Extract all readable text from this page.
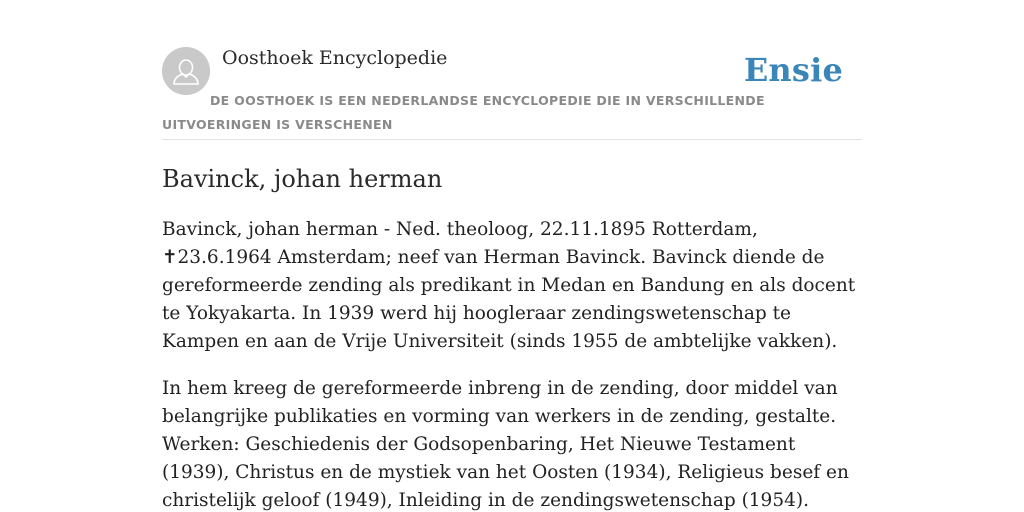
Oosthoek Encyclopedie	Ensie
DE OOSTHOEK IS EEN NEDERLANDSE ENCYCLOPEDIE DIE IN VERSCHILLENDE UITVOERINGEN IS VERSCHENEN
Bavinck, johan herman

Bavinck, johan herman - Ned. theoloog, 22.11.1895 Rotterdam, ✝23.6.1964 Amsterdam; neef van Herman Bavinck. Bavinck diende de gereformeerde zending als predikant in Medan en Bandung en als docent te Yokyakarta. In 1939 werd hij hoogleraar zendingswetenschap te Kampen en aan de Vrije Universiteit (sinds 1955 de ambtelijke vakken).

In hem kreeg de gereformeerde inbreng in de zending, door middel van belangrijke publikaties en vorming van werkers in de zending, gestalte. Werken: Geschiedenis der Godsopenbaring, Het Nieuwe Testament (1939), Christus en de mystiek van het Oosten (1934), Religieus besef en christelijk geloof (1949), Inleiding in de zendingswetenschap (1954).
